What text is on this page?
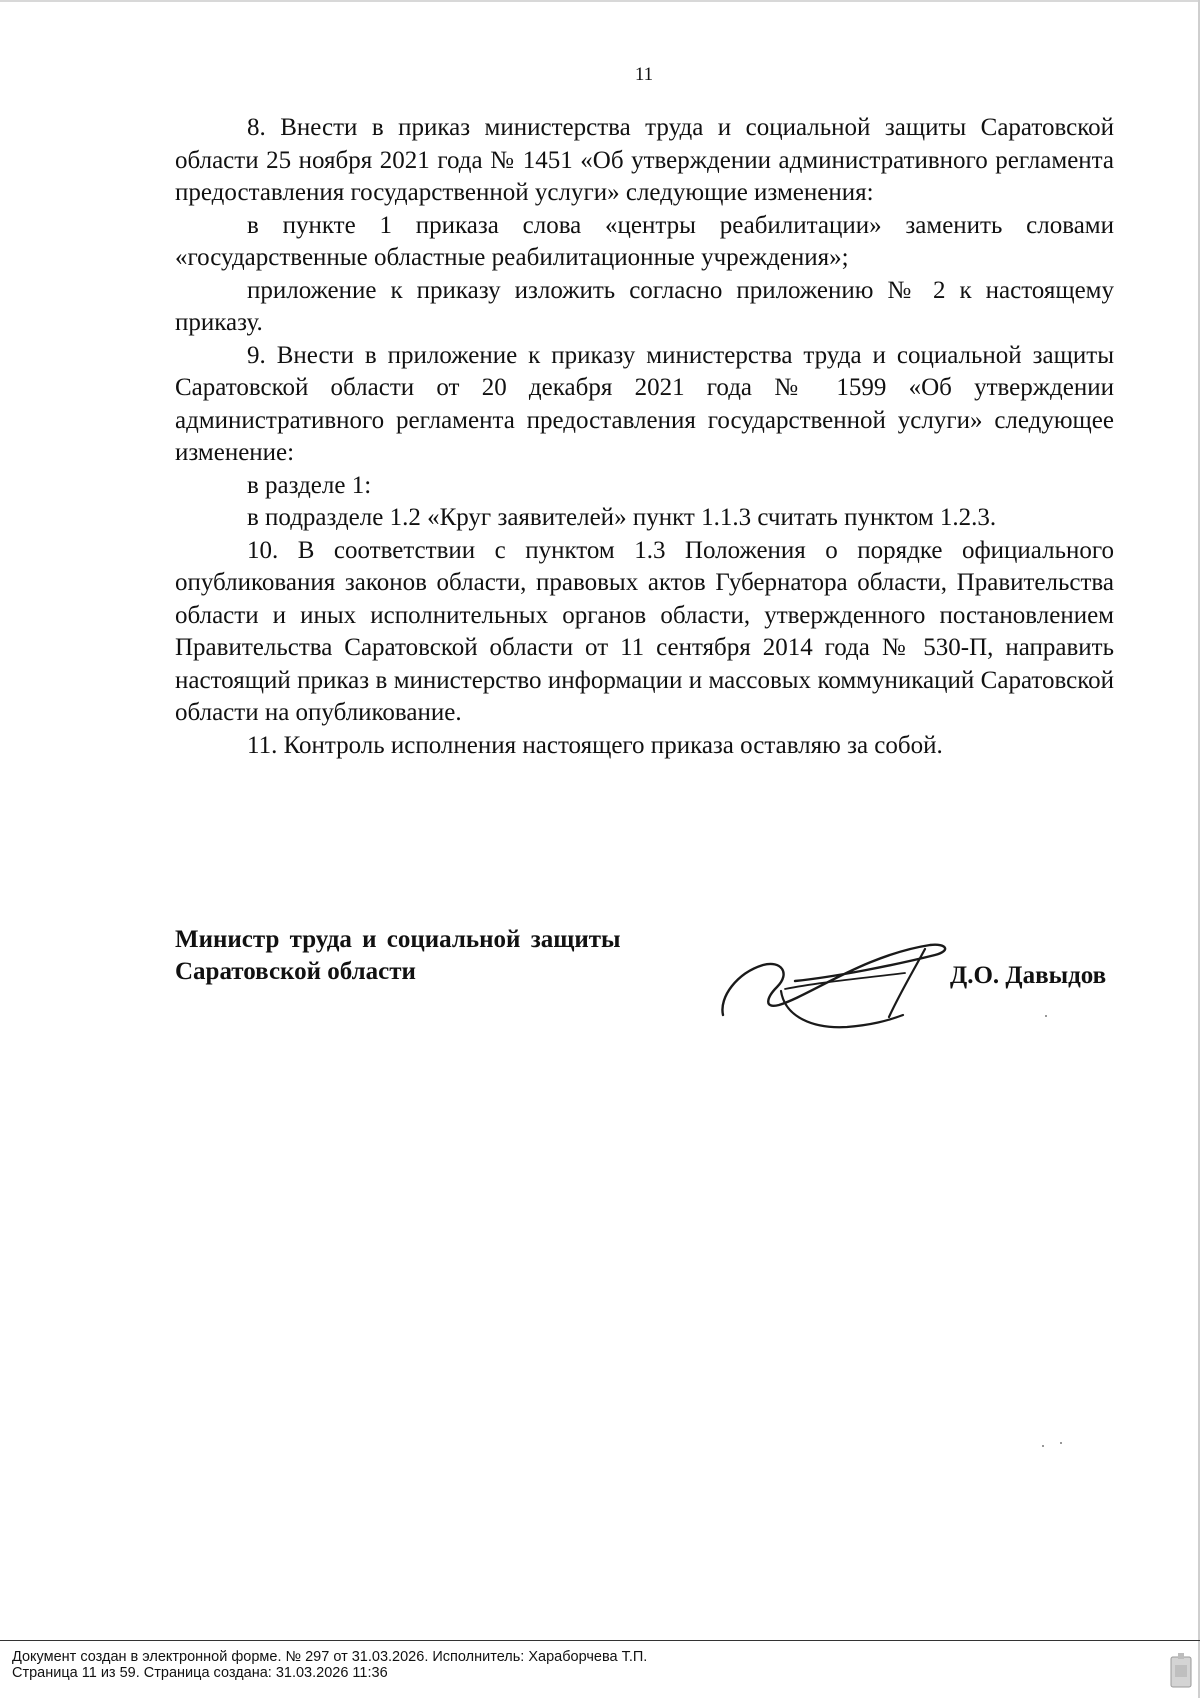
11

8. Внести в приказ министерства труда и социальной защиты Саратовской области 25 ноября 2021 года № 1451 «Об утверждении административного регламента предоставления государственной услуги» следующие изменения:

в пункте 1 приказа слова «центры реабилитации» заменить словами «государственные областные реабилитационные учреждения»;

приложение к приказу изложить согласно приложению № 2 к настоящему приказу.

9. Внести в приложение к приказу министерства труда и социальной защиты Саратовской области от 20 декабря 2021 года № 1599 «Об утверждении административного регламента предоставления государственной услуги» следующее изменение:

в разделе 1:

в подразделе 1.2 «Круг заявителей» пункт 1.1.3 считать пунктом 1.2.3.

10. В соответствии с пунктом 1.3 Положения о порядке официального опубликования законов области, правовых актов Губернатора области, Правительства области и иных исполнительных органов области, утвержденного постановлением Правительства Саратовской области от 11 сентября 2014 года № 530-П, направить настоящий приказ в министерство информации и массовых коммуникаций Саратовской области на опубликование.

11. Контроль исполнения настоящего приказа оставляю за собой.

Министр труда и социальной защиты
Саратовской области	Д.О. Давыдов
Документ создан в электронной форме. № 297 от 31.03.2026. Исполнитель: Хараборчева Т.П.
Страница 11 из 59. Страница создана: 31.03.2026 11:36
